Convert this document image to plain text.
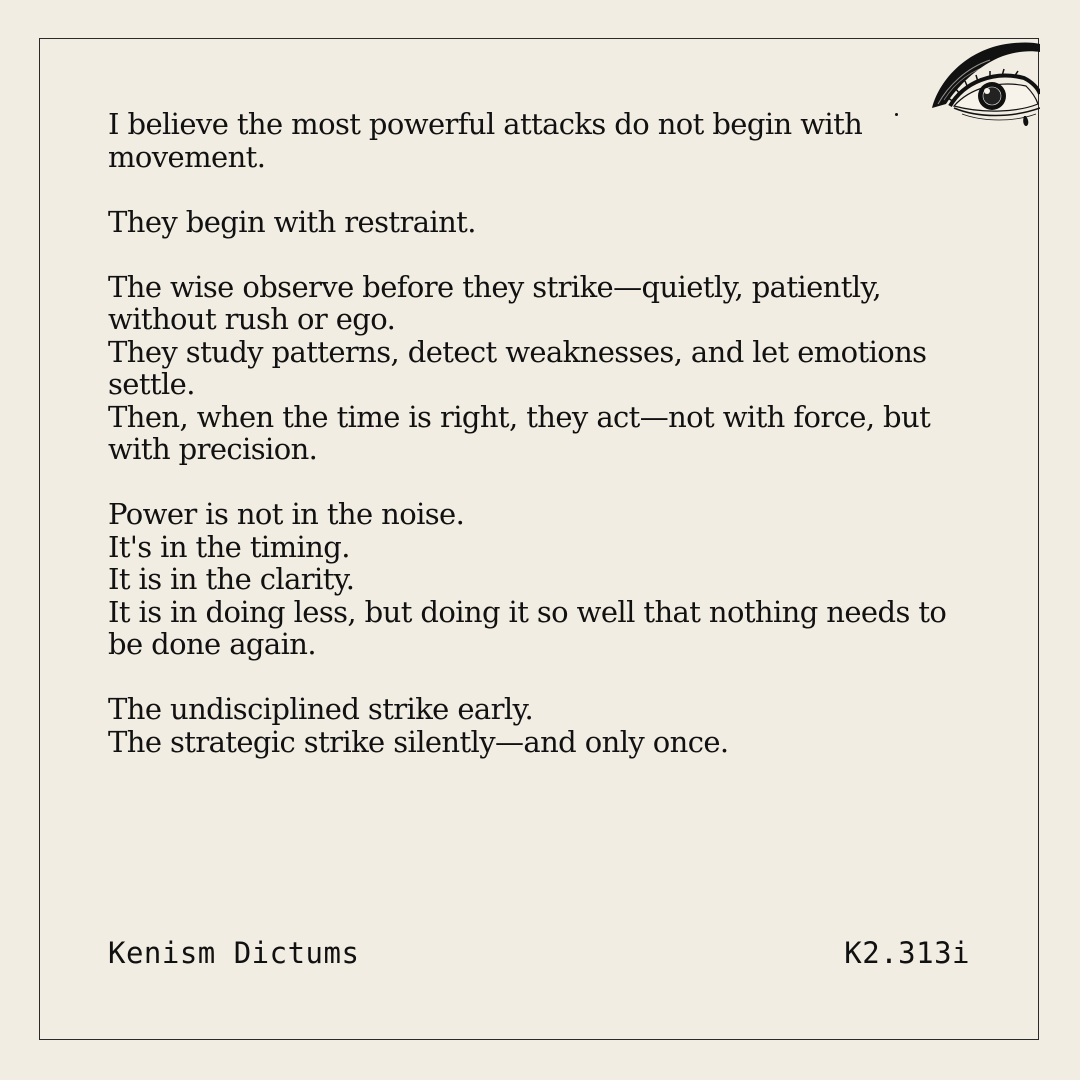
I believe the most powerful attacks do not begin with movement.

They begin with restraint.

The wise observe before they strike—quietly, patiently, without rush or ego.
They study patterns, detect weaknesses, and let emotions settle.
Then, when the time is right, they act—not with force, but with precision.

Power is not in the noise.
It's in the timing.
It is in the clarity.
It is in doing less, but doing it so well that nothing needs to be done again.

The undisciplined strike early.
The strategic strike silently—and only once.

Kenism Dictums	K2.313i
